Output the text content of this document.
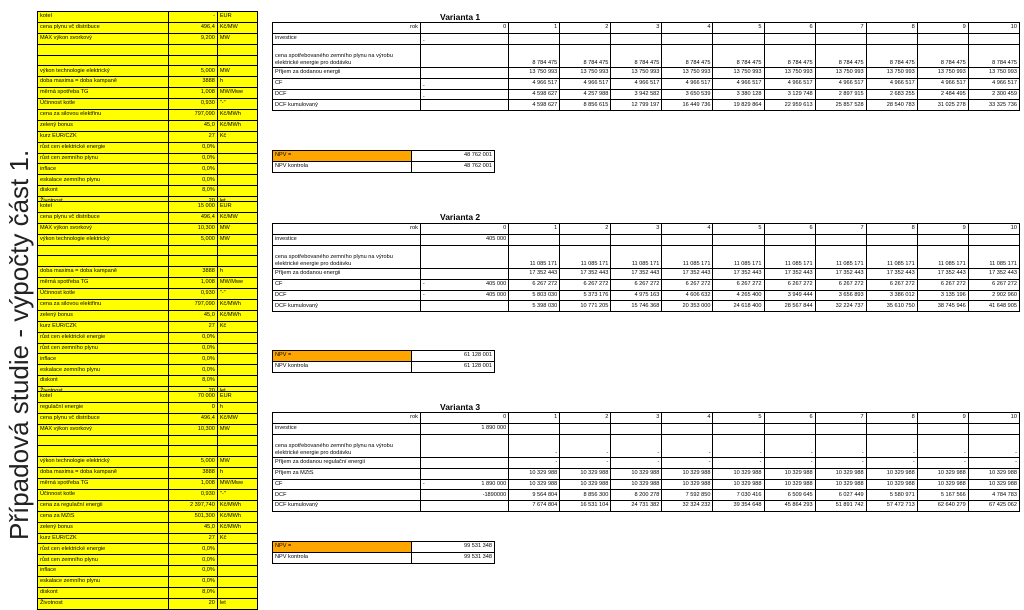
Případová studie - výpočty část 1.
Varianta 1
Varianta 2
Varianta 3
kotel	-	EUR
cena plynu vč distribuce	496,4	Kč/MW
MAX výkon svorkový	9,200	MW

výkon technologie elektrický	5,000	MW
doba maxima = doba kampaně	3888	h
měrná spotřeba TG	1,008	MW/Mwe
Účinnost kotle	0,930	"-"
cena za silovou elektřinu	797,090	Kč/MWh
zelený bonus	45,0	Kč/MWh
kurz EUR/CZK	27	Kč
růst cen elektrické energie	0,0%	
růst cen zemního plynu	0,0%	
inflace	0,0%	
eskalace zemního plynu	0,0%	
diskont	8,0%	

kotel	15 000	EUR
cena plynu vč distribuce	496,4	Kč/MW
MAX výkon svorkový	10,300	MW
výkon technologie elektrický	5,000	MW

doba maxima = doba kampaně	3888	h
měrná spotřeba TG	1,008	MW/Mwe
Účinnost kotle	0,930	"-"
cena za silovou elektřinu	797,090	Kč/MWh
zelený bonus	45,0	Kč/MWh
kurz EUR/CZK	27	Kč
růst cen elektrické energie	0,0%	
růst cen zemního plynu	0,0%	
inflace	0,0%	
eskalace zemního plynu	0,0%	
diskont	8,0%	

kotel	70 000	EUR
regulační energie	0	h
cena plynu vč distribuce	496,4	Kč/MW
MAX výkon svorkový	10,300	MW

výkon technologie elektrický	5,000	MW
doba maxima = doba kampaně	3888	h
měrná spotřeba TG	1,008	MW/Mwe
Účinnost kotle	0,930	"-"
cena za regulační energii	2 397,740	Kč/MWh
cena za MZtS	501,300	Kč/MWh
zelený bonus	45,0	Kč/MWh
kurz EUR/CZK	27	Kč
růst cen elektrické energie	0,0%	
růst cen zemního plynu	0,0%	
inflace	0,0%	
eskalace zemního plynu	0,0%	
diskont	8,0%	
Životnost	20	let
rok	0	1	2	3	4	5	6	7	8	9	10
investice	-										

cena spotřebovaného zemního plynu na výrobu elektrické energie pro dodávku		8 784 475	8 784 475	8 784 475	8 784 475	8 784 475	8 784 475	8 784 475	8 784 475	8 784 475	8 784 475
Příjem za dodanou energii		13 750 993	13 750 993	13 750 993	13 750 993	13 750 993	13 750 993	13 750 993	13 750 993	13 750 993	13 750 993
CF	-	4 966 517	4 966 517	4 966 517	4 966 517	4 966 517	4 966 517	4 966 517	4 966 517	4 966 517	4 966 517
DCF	-	4 598 627	4 257 988	3 942 582	3 650 539	3 380 128	3 129 748	2 897 915	2 683 255	2 484 495	2 300 459
DCF kumulovaný		4 598 627	8 856 615	12 799 197	16 449 736	19 829 864	22 959 613	25 857 528	28 540 783	31 025 278	33 325 736
rok	0	1	2	3	4	5	6	7	8	9	10
investice	405 000										
cena spotřebovaného zemního plynu na výrobu elektrické energie pro dodávku		11 085 171	11 085 171	11 085 171	11 085 171	11 085 171	11 085 171	11 085 171	11 085 171	11 085 171	11 085 171
Příjem za dodanou energii		17 352 443	17 352 443	17 352 443	17 352 443	17 352 443	17 352 443	17 352 443	17 352 443	17 352 443	17 352 443
CF	- 405 000	6 267 272	6 267 272	6 267 272	6 267 272	6 267 272	6 267 272	6 267 272	6 267 272	6 267 272	6 267 272
DCF	- 405 000	5 803 030	5 373 176	4 975 163	4 606 632	4 265 400	3 949 444	3 656 893	3 386 012	3 135 196	2 902 960
DCF kumulovaný		5 398 030	10 771 205	15 746 368	20 353 000	24 618 400	28 567 844	32 224 737	35 610 750	38 745 946	41 648 905
rok	0	1	2	3	4	5	6	7	8	9	10
investice	1 890 000										
cena spotřebovaného zemního plynu na výrobu elektrické energie pro dodávku		-	-	-	-	-	-	-	-	-	-
Příjem za dodanou regulační energii		-	-	-	-	-	-	-	-	-	-
Příjem za MZtS		10 329 988	10 329 988	10 329 988	10 329 988	10 329 988	10 329 988	10 329 988	10 329 988	10 329 988	10 329 988
CF	- 1 890 000	10 329 988	10 329 988	10 329 988	10 329 988	10 329 988	10 329 988	10 329 988	10 329 988	10 329 988	10 329 988
DCF	-1890000	9 564 804	8 856 300	8 200 278	7 592 850	7 030 416	6 509 645	6 027 449	5 580 971	5 167 566	4 784 783
DCF kumulovaný		7 674 804	16 531 104	24 731 382	32 324 232	39 354 648	45 864 293	51 891 742	57 472 713	62 640 279	67 425 062
NPV =	48 762 001
NPV kontrola	48 762 001
NPV =	61 128 001
NPV kontrola	61 128 001
NPV =	99 531 348
NPV kontrola	99 531 348
